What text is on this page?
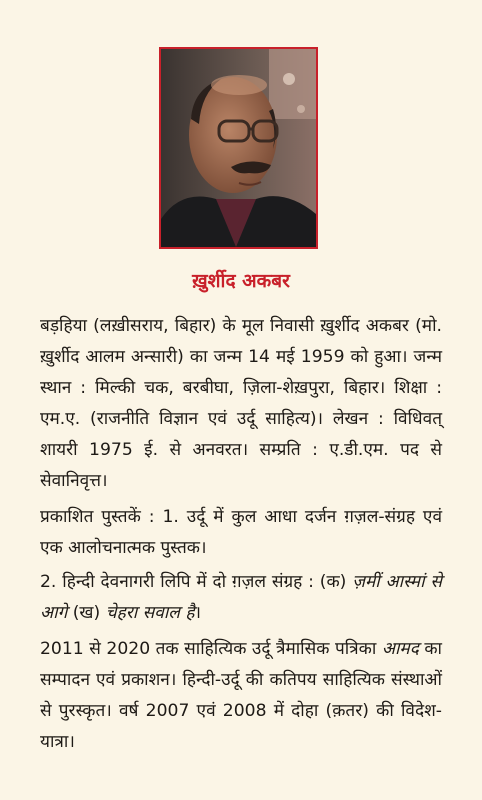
ख़ुर्शीद अकबर

बड़हिया (लख़ीसराय, बिहार) के मूल निवासी ख़ुर्शीद अकबर (मो. ख़ुर्शीद आलम अन्सारी) का जन्म 14 मई 1959 को हुआ। जन्म स्थान : मिल्की चक, बरबीघा, ज़िला-शेख़पुरा, बिहार। शिक्षा : एम.ए. (राजनीति विज्ञान एवं उर्दू साहित्य)। लेखन : विधिवत् शायरी 1975 ई. से अनवरत। सम्प्रति : ए.डी.एम. पद से सेवानिवृत्त।

प्रकाशित पुस्तकें : 1. उर्दू में कुल आधा दर्जन ग़ज़ल-संग्रह एवं एक आलोचनात्मक पुस्तक।

2. हिन्दी देवनागरी लिपि में दो ग़ज़ल संग्रह : (क) ज़मीं आस्मां से आगे (ख) चेहरा सवाल है।

2011 से 2020 तक साहित्यिक उर्दू त्रैमासिक पत्रिका आमद का सम्पादन एवं प्रकाशन। हिन्दी-उर्दू की कतिपय साहित्यिक संस्थाओं से पुरस्कृत। वर्ष 2007 एवं 2008 में दोहा (क़तर) की विदेश-यात्रा।
